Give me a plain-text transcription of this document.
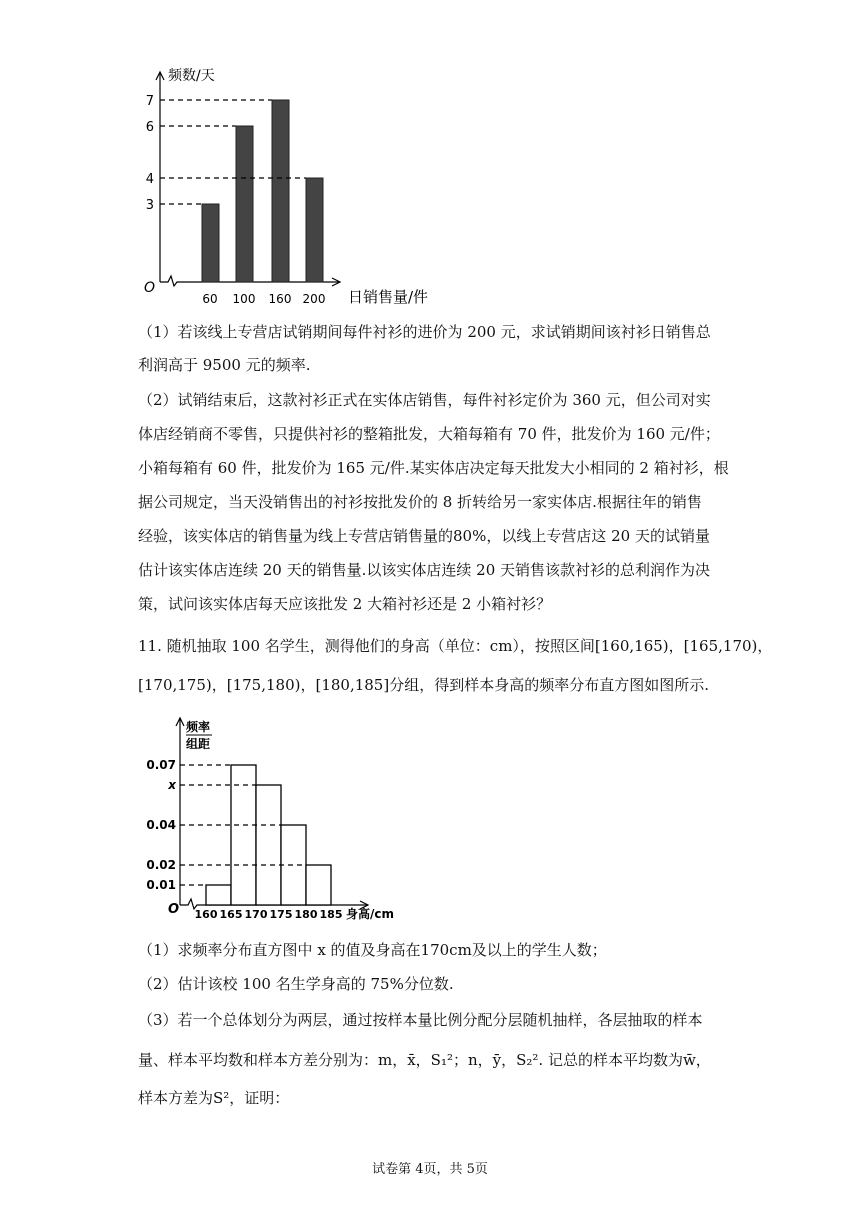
频数/天
日销售量/件
O
60 100 160 200
3
4
6
7
（1）若该线上专营店试销期间每件衬衫的进价为 200 元，求试销期间该衬衫日销售总
利润高于 9500 元的频率.
（2）试销结束后，这款衬衫正式在实体店销售，每件衬衫定价为 360 元，但公司对实
体店经销商不零售，只提供衬衫的整箱批发，大箱每箱有 70 件，批发价为 160 元/件；
小箱每箱有 60 件，批发价为 165 元/件.某实体店决定每天批发大小相同的 2 箱衬衫，根
据公司规定，当天没销售出的衬衫按批发价的 8 折转给另一家实体店.根据往年的销售
经验，该实体店的销售量为线上专营店销售量的80%，以线上专营店这 20 天的试销量
估计该实体店连续 20 天的销售量.以该实体店连续 20 天销售该款衬衫的总利润作为决
策，试问该实体店每天应该批发 2 大箱衬衫还是 2 小箱衬衫？
11. 随机抽取 100 名学生，测得他们的身高（单位：cm），按照区间[160,165)，[165,170)，
[170,175)，[175,180)，[180,185]分组，得到样本身高的频率分布直方图如图所示.
频率
组距
身高/cm
O 160 165 170 175 180 185
0.01
0.02
0.04
x
0.07
（1）求频率分布直方图中 x 的值及身高在170cm及以上的学生人数；
（2）估计该校 100 名生学身高的 75%分位数.
（3）若一个总体划分为两层，通过按样本量比例分配分层随机抽样，各层抽取的样本
量、样本平均数和样本方差分别为：m，x̄，S₁²；n，ȳ，S₂². 记总的样本平均数为w̄，
样本方差为S²，证明：
试卷第 4页，共 5页
